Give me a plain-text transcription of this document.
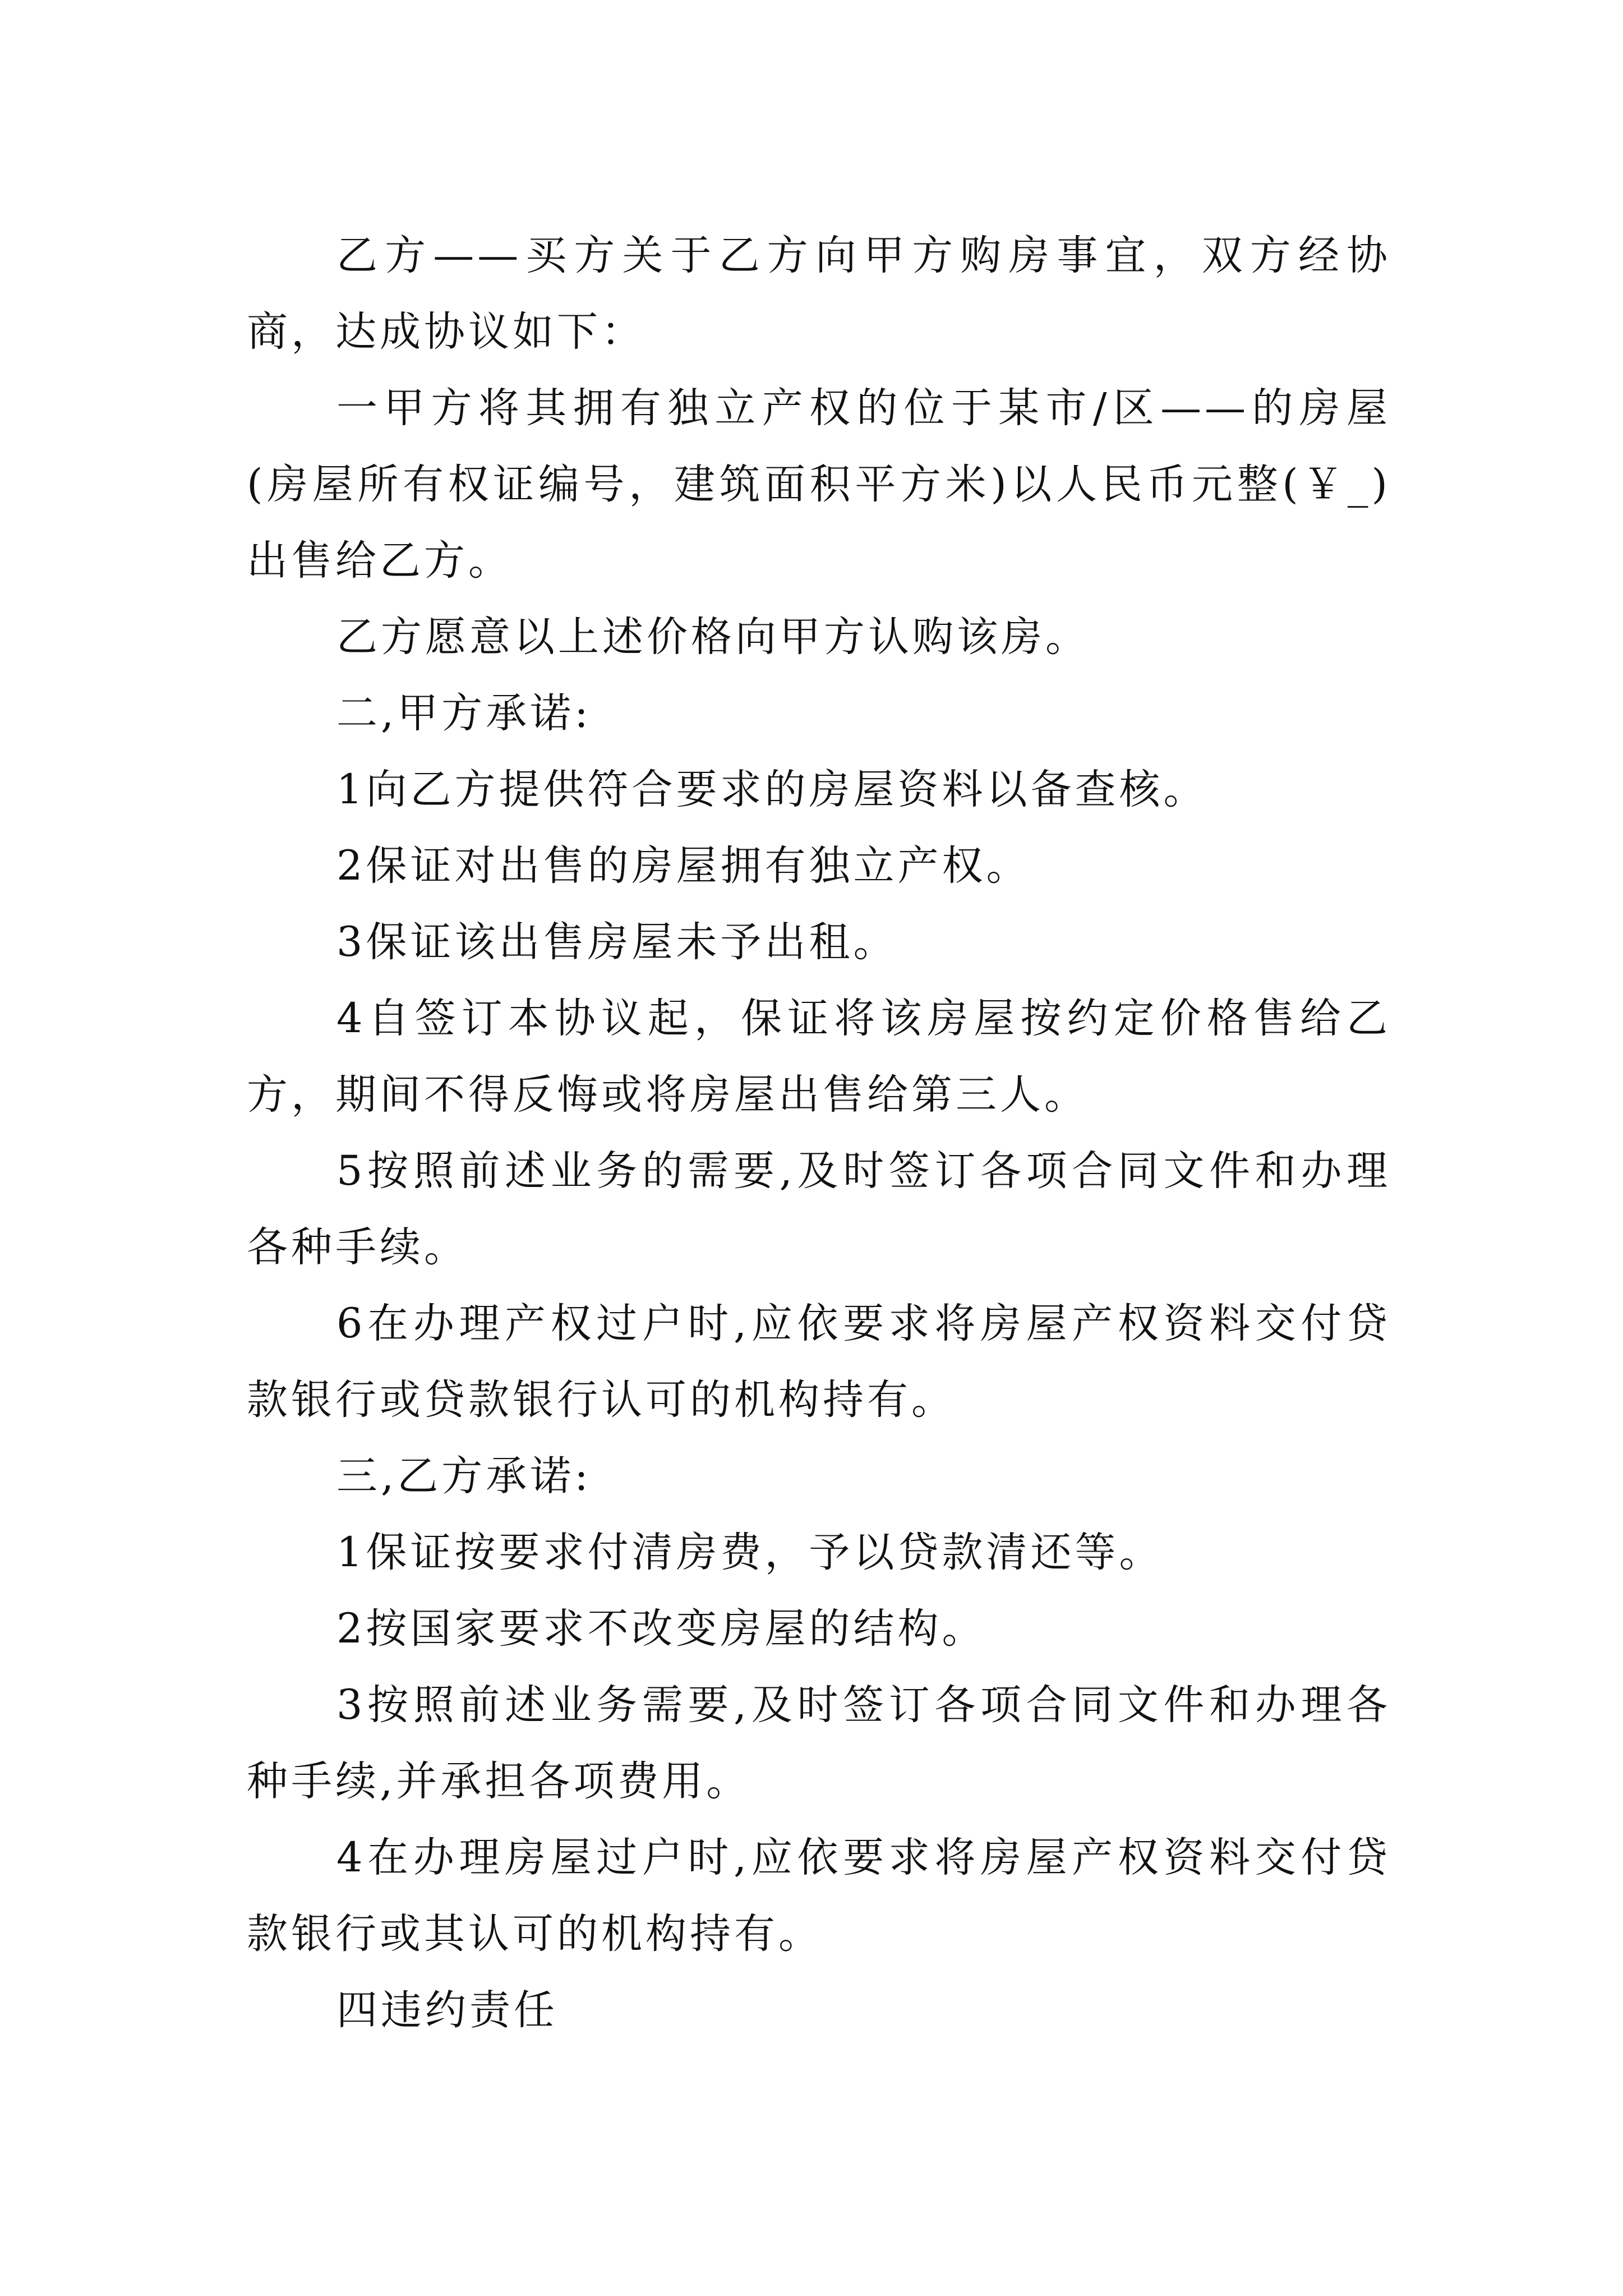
乙方——买方关于乙方向甲方购房事宜，双方经协商，达成协议如下：

一甲方将其拥有独立产权的位于某市/区——的房屋(房屋所有权证编号，建筑面积平方米)以人民币元整(￥_)出售给乙方。

乙方愿意以上述价格向甲方认购该房。

二,甲方承诺:

1向乙方提供符合要求的房屋资料以备查核。

2保证对出售的房屋拥有独立产权。

3保证该出售房屋未予出租。

4自签订本协议起，保证将该房屋按约定价格售给乙方，期间不得反悔或将房屋出售给第三人。

5按照前述业务的需要,及时签订各项合同文件和办理各种手续。

6在办理产权过户时,应依要求将房屋产权资料交付贷款银行或贷款银行认可的机构持有。

三,乙方承诺:

1保证按要求付清房费，予以贷款清还等。

2按国家要求不改变房屋的结构。

3按照前述业务需要,及时签订各项合同文件和办理各种手续,并承担各项费用。

4在办理房屋过户时,应依要求将房屋产权资料交付贷款银行或其认可的机构持有。

四违约责任
